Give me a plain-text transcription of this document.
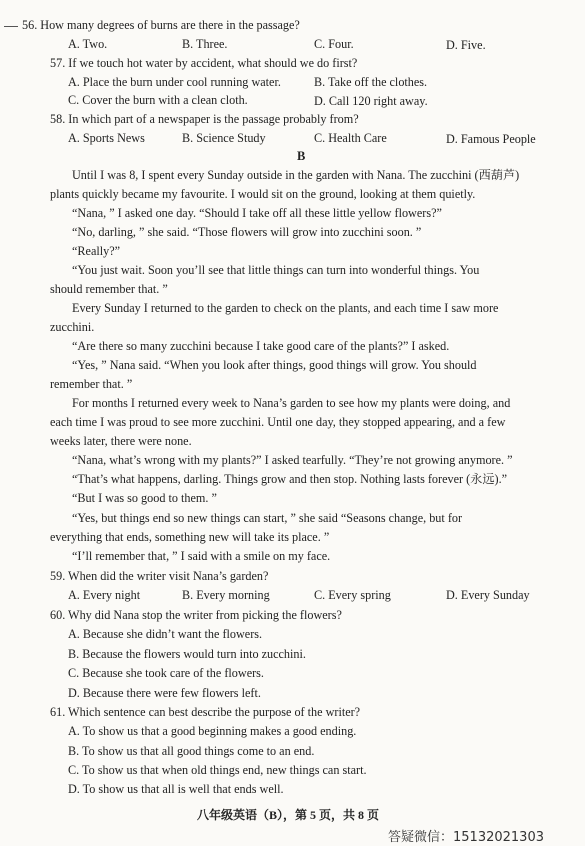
56. How many degrees of burns are there in the passage?
A. Two.	B. Three.	C. Four.	D. Five.
57. If we touch hot water by accident, what should we do first?
A. Place the burn under cool running water.	B. Take off the clothes.
C. Cover the burn with a clean cloth.	D. Call 120 right away.
58. In which part of a newspaper is the passage probably from?
A. Sports News	B. Science Study	C. Health Care	D. Famous People
B
Until I was 8, I spent every Sunday outside in the garden with Nana. The zucchini (西葫芦)
plants quickly became my favourite. I would sit on the ground, looking at them quietly.
“Nana, ” I asked one day. “Should I take off all these little yellow flowers?”
“No, darling, ” she said. “Those flowers will grow into zucchini soon. ”
“Really?”
“You just wait. Soon you’ll see that little things can turn into wonderful things. You
should remember that. ”
Every Sunday I returned to the garden to check on the plants, and each time I saw more
zucchini.
“Are there so many zucchini because I take good care of the plants?” I asked.
“Yes, ” Nana said. “When you look after things, good things will grow. You should
remember that. ”
For months I returned every week to Nana’s garden to see how my plants were doing, and
each time I was proud to see more zucchini. Until one day, they stopped appearing, and a few
weeks later, there were none.
“Nana, what’s wrong with my plants?” I asked tearfully. “They’re not growing anymore. ”
“That’s what happens, darling. Things grow and then stop. Nothing lasts forever (永远).”
“But I was so good to them. ”
“Yes, but things end so new things can start, ” she said “Seasons change, but for
everything that ends, something new will take its place. ”
“I’ll remember that, ” I said with a smile on my face.
59. When did the writer visit Nana’s garden?
A. Every night	B. Every morning	C. Every spring	D. Every Sunday
60. Why did Nana stop the writer from picking the flowers?
A. Because she didn’t want the flowers.
B. Because the flowers would turn into zucchini.
C. Because she took care of the flowers.
D. Because there were few flowers left.
61. Which sentence can best describe the purpose of the writer?
A. To show us that a good beginning makes a good ending.
B. To show us that all good things come to an end.
C. To show us that when old things end, new things can start.
D. To show us that all is well that ends well.
八年级英语（B），第 5 页，共 8 页
答疑微信：15132021303
